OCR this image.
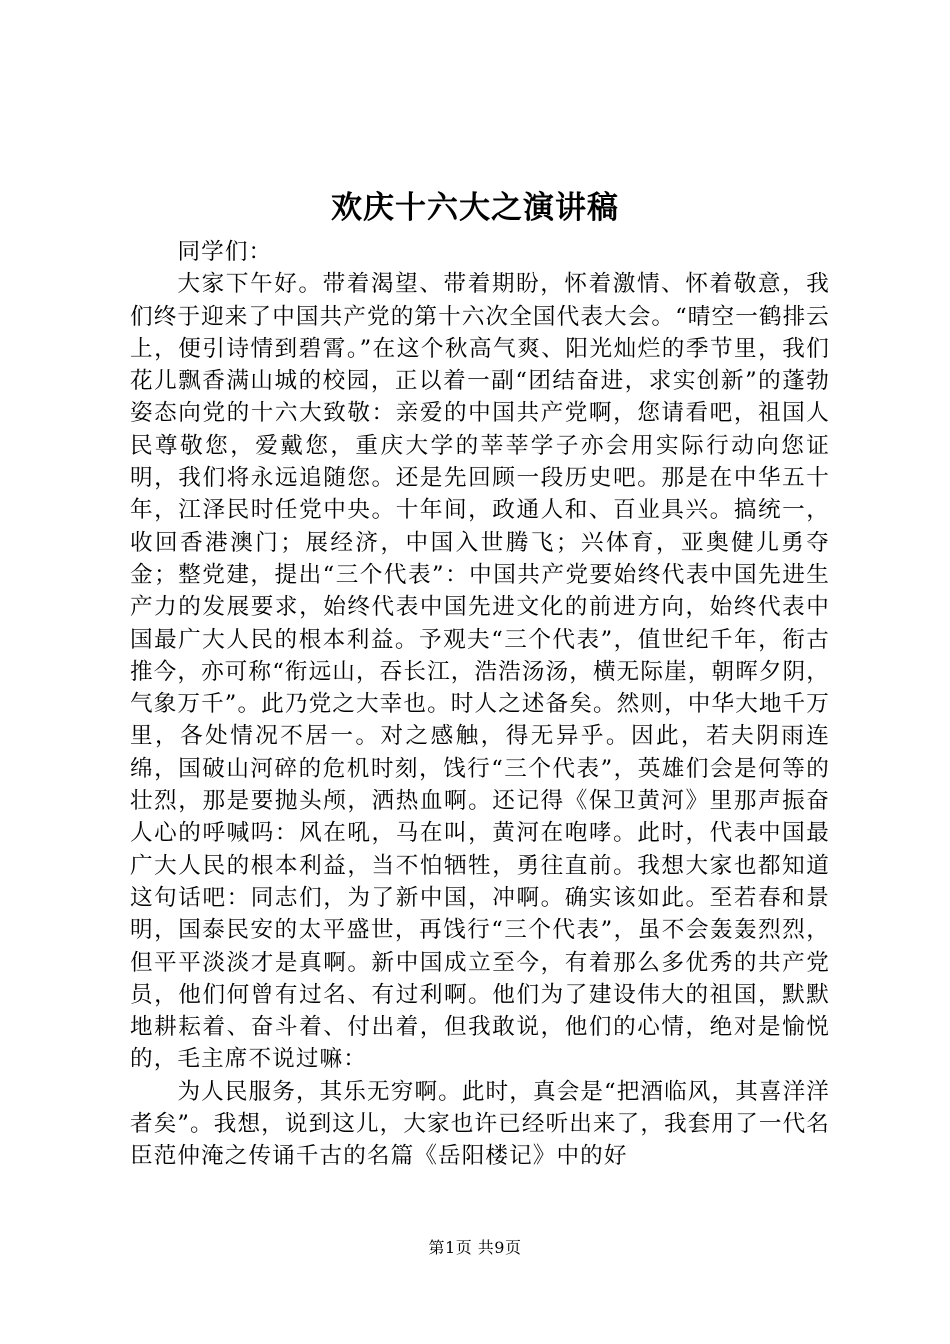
欢庆十六大之演讲稿

同学们：

大家下午好。带着渴望、带着期盼，怀着激情、怀着敬意，我们终于迎来了中国共产党的第十六次全国代表大会。“晴空一鹤排云上，便引诗情到碧霄。”在这个秋高气爽、阳光灿烂的季节里，我们花儿飘香满山城的校园，正以着一副“团结奋进，求实创新”的蓬勃姿态向党的十六大致敬：亲爱的中国共产党啊，您请看吧，祖国人民尊敬您，爱戴您，重庆大学的莘莘学子亦会用实际行动向您证明，我们将永远追随您。还是先回顾一段历史吧。那是在中华五十年，江泽民时任党中央。十年间，政通人和、百业具兴。搞统一，收回香港澳门；展经济，中国入世腾飞；兴体育，亚奥健儿勇夺金；整党建，提出“三个代表”：中国共产党要始终代表中国先进生产力的发展要求，始终代表中国先进文化的前进方向，始终代表中国最广大人民的根本利益。予观夫“三个代表”，值世纪千年，衔古推今，亦可称“衔远山，吞长江，浩浩汤汤，横无际崖，朝晖夕阴，气象万千”。此乃党之大幸也。时人之述备矣。然则，中华大地千万里，各处情况不居一。对之感触，得无异乎。因此，若夫阴雨连绵，国破山河碎的危机时刻，饯行“三个代表”，英雄们会是何等的壮烈，那是要抛头颅，洒热血啊。还记得《保卫黄河》里那声振奋人心的呼喊吗：风在吼，马在叫，黄河在咆哮。此时，代表中国最广大人民的根本利益，当不怕牺牲，勇往直前。我想大家也都知道这句话吧：同志们，为了新中国，冲啊。确实该如此。至若春和景明，国泰民安的太平盛世，再饯行“三个代表”，虽不会轰轰烈烈，但平平淡淡才是真啊。新中国成立至今，有着那么多优秀的共产党员，他们何曾有过名、有过利啊。他们为了建设伟大的祖国，默默地耕耘着、奋斗着、付出着，但我敢说，他们的心情，绝对是愉悦的，毛主席不说过嘛：

为人民服务，其乐无穷啊。此时，真会是“把酒临风，其喜洋洋者矣”。我想，说到这儿，大家也许已经听出来了，我套用了一代名臣范仲淹之传诵千古的名篇《岳阳楼记》中的好

第1页 共9页
